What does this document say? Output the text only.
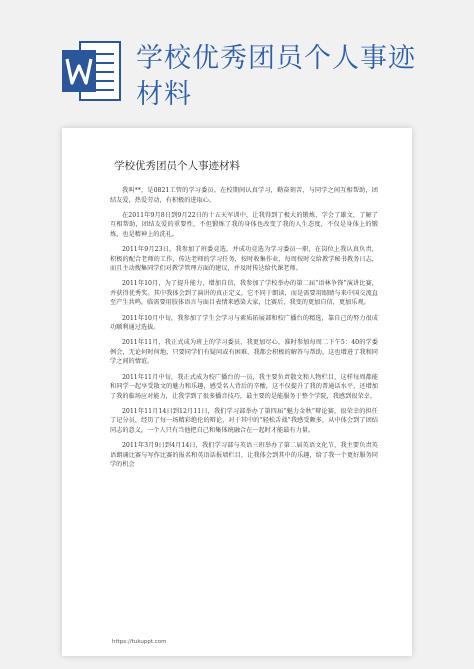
学校优秀团员个人事迹
材料
学校优秀团员个人事迹材料

我叫**，是0821工管的学习委员。在校期间认真学习，勤奋刻苦，与同学之间互相帮助，团结友爱，热爱劳动，有积极的进取心。

在2011年9月8日到9月22日的十五天军训中，让我得到了极大的锻炼，学会了雄文，了解了互相帮助，团结友爱的重要性，不但锻炼了我的身体也改变了我的人生态度，不仅是身体上的锻炼，也是精神上的洗礼。

2011年9月23日，我参加了班委竞选，并成功竞选为学习委员一职，在岗位上我认真负责，积极的配合老师的工作，传达老师的学习任务，按时收集作业，每周按时交给教学秘书教务日志，而且主动搜集同学们对教学管理方面的建议，并及时传达给代课老师。

2011年10月，为了提升能力，增加自信，我参加了学校举办的第二届“语林争锋”演讲比赛，并获得优秀奖。其中我体会到了演讲的真正定义，它不同于朗读，而是需要用眼睛与来中国交流直至产生共鸣，临需要用肢体语言与面目表情来感染大家，比赛后，我变的更加自信，更加乐观。

2011年10月中旬，我参加了学生会学习与素质拓展部和校广播台的精选，靠自己的努力很成功顺利通过选拔。

2011年11月，我正式成为班上的学习委员，我更加尽心，准时参加每周二下午5：40的学委例会，无论何时何地，只要同学们有疑问或有困难，我都会积极的解答与帮助，这也增进了我和同学之间的情谊。

2011年11月中旬，我正式成为校广播台的一员，我主要负责散文和人物栏目，这样每周都能和同学一起享受散文的魅力和乐趣，感受名人背后的辛酸，这不仅提升了我的普通话水平，还增加了我的临场应对能力，让我学到了很多播音技巧，最主要的是能服务于整个学院，我感到很荣幸。

2011年11月14日到12月11日，我们学习部举办了第四届“魅力金秋”辩论赛，很荣幸的担任了记分员，经历了每一场精彩绝伦的辩论，对于其中的“轻松舌战”我感受颇多，从中体会到了团结同志的意义，一个人只有当他把自己和集体统融合在一起时才能最有力量。

2011年3月9日到4月14日，我们学习部与英语三班举办了第二届英语文化节，我主要负责英语朗诵比赛与写作比赛的报名和英语话报墙栏目，让我体会到其中的乐趣，给了我一个更好服务同学的机会

https://tukuppt.com
